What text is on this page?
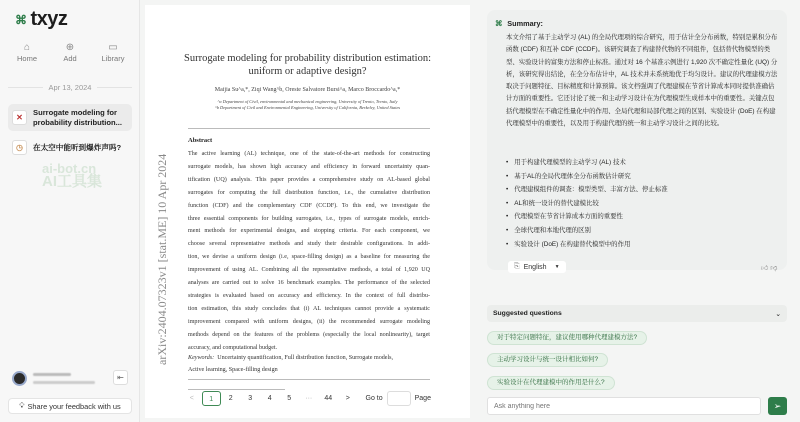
⌘ txyz
⌂
Home
⊕
Add
▭
Library
Apr 13, 2024
✕
Surrogate modeling for probability distribution...
◷	在太空中能听到爆炸声吗?
ai-bot.cn
AI工具集
⇤
💡︎ Share your feedback with us
Surrogate modeling for probability distribution estimation:
uniform or adaptive design?
Maijia Su^a,*, Ziqi Wang^b, Oreste Salvatore Bursi^a, Marco Broccardo^a,*
^a Department of Civil, environmental and mechanical engineering, University of Trento, Trento, Italy
^b Department of Civil and Environmental Engineering, University of California, Berkeley, United States
Abstract
The active learning (AL) technique, one of the state-of-the-art methods for constructing
surrogate models, has shown high accuracy and efficiency in forward uncertainty quan-
tification (UQ) analysis. This paper provides a comprehensive study on AL-based global
surrogates for computing the full distribution function, i.e., the cumulative distribution
function (CDF) and the complementary CDF (CCDF). To this end, we investigate the
three essential components for building surrogates, i.e., types of surrogate models, enrich-
ment methods for experimental designs, and stopping criteria. For each component, we
choose several representative methods and study their desirable configurations. In addi-
tion, we devise a uniform design (i.e, space-filling design) as a baseline for measuring the
improvement of using AL. Combining all the representative methods, a total of 1,920 UQ
analyses are carried out to solve 16 benchmark examples. The performance of the selected
strategies is evaluated based on accuracy and efficiency. In the context of full distribu-
tion estimation, this study concludes that (i) AL techniques cannot provide a systematic
improvement compared with uniform designs, (ii) the recommended surrogate modeling
methods depend on the features of the problems (especially the local nonlinearity), target
accuracy, and computational budget.
Keywords: Uncertainty quantification, Full distribution function, Surrogate models,
Active learning, Space-filling design
arXiv:2404.07323v1 [stat.ME] 10 Apr 2024
<	1	2	3	4	5	···	44	>	Go to	Page
⌘ Summary:
本文介绍了基于主动学习 (AL) 的全局代理项的综合研究，用于估计全分布函数，特别是累积分布函数 (CDF) 和互补 CDF (CCDF)。该研究调查了构建替代物的不同组件，包括替代物模型的类型、实验设计的富集方法和停止标准。通过对 16 个基准示例进行 1,920 次不确定性量化 (UQ) 分析，该研究得出结论，在全分布估计中，AL 技术并未系统地优于均匀设计。建议的代理建模方法取决于问题特征、目标精度和计算预算。该文档强调了代理建模在节省计算成本同时提供准确估计方面的重要性。它还讨论了统一和主动学习设计在为代理模型生成样本中的重要性。关键点包括代理模型在不确定性量化中的作用、全局代理和局部代理之间的区别、实验设计 (DoE) 在构建代理模型中的重要性，以及用于构建代理的统一和主动学习设计之间的比较。
• 用于构建代理模型的主动学习 (AL) 技术
• 基于AL的全局代理体全分布函数估计研究
• 代理建模组件的调查：模型类型、丰富方法、停止标准
• AL和统一设计的替代建模比较
• 代理模型在节省计算成本方面的重要性
• 全球代理和本地代理的区别
• 实验设计 (DoE) 在构建替代模型中的作用
⎘ English ▼	👍︎ 👎︎
Suggested questions	⌄
对于特定问题特征，建议使用哪种代理建模方法?
主动学习设计与统一设计相比如何?
实验设计在代理建模中的作用是什么?
Ask anything here
➢
